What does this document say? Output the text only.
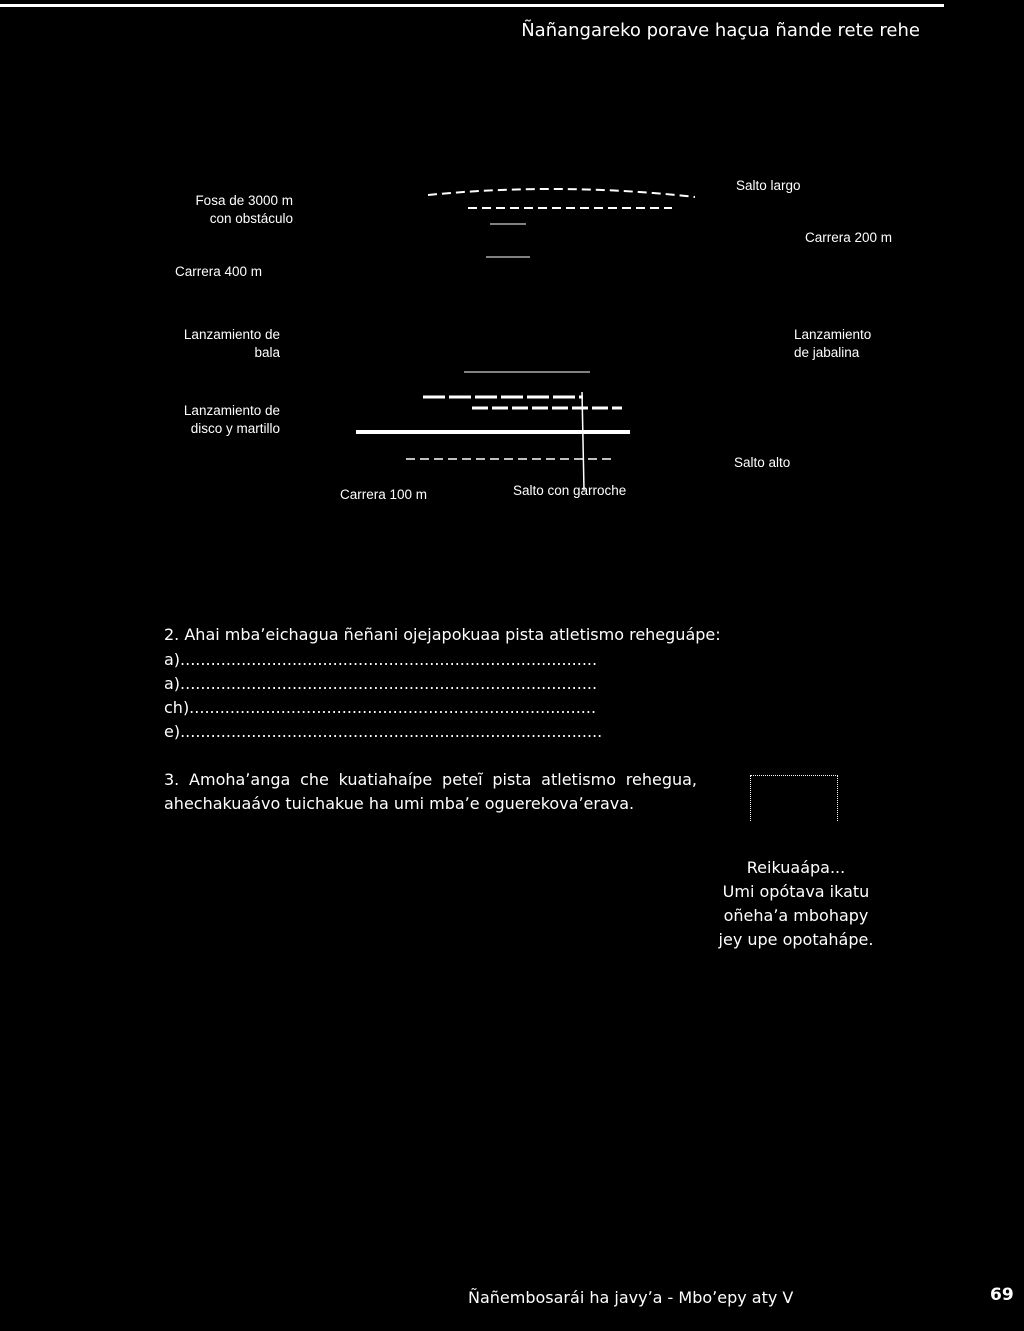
Ñañangareko porave haçua ñande rete rehe
Fosa de 3000 m
con obstáculo
Carrera 400 m
Salto largo
Carrera 200 m
Lanzamiento de
bala
Lanzamiento
de jabalina
Lanzamiento de
disco y martillo
Salto alto
Carrera 100 m	Salto con garroche
2. Ahai mbaʼeichagua ñeñani ojejapokuaa pista atletismo reheguápe:
a)..................................................................................
a)..................................................................................
ch)................................................................................
e)...................................................................................
3. Amohaʼanga che kuatiahaípe peteĩ pista atletismo rehegua, ahechakuaávo tuichakue ha umi mbaʼe oguerekovaʼerava.
Reikuaápa...
Umi opótava ikatu
oñehaʼa mbohapy
jey upe opotahápe.
Ñañembosarái ha javyʼa - Mboʼepy aty V	69
